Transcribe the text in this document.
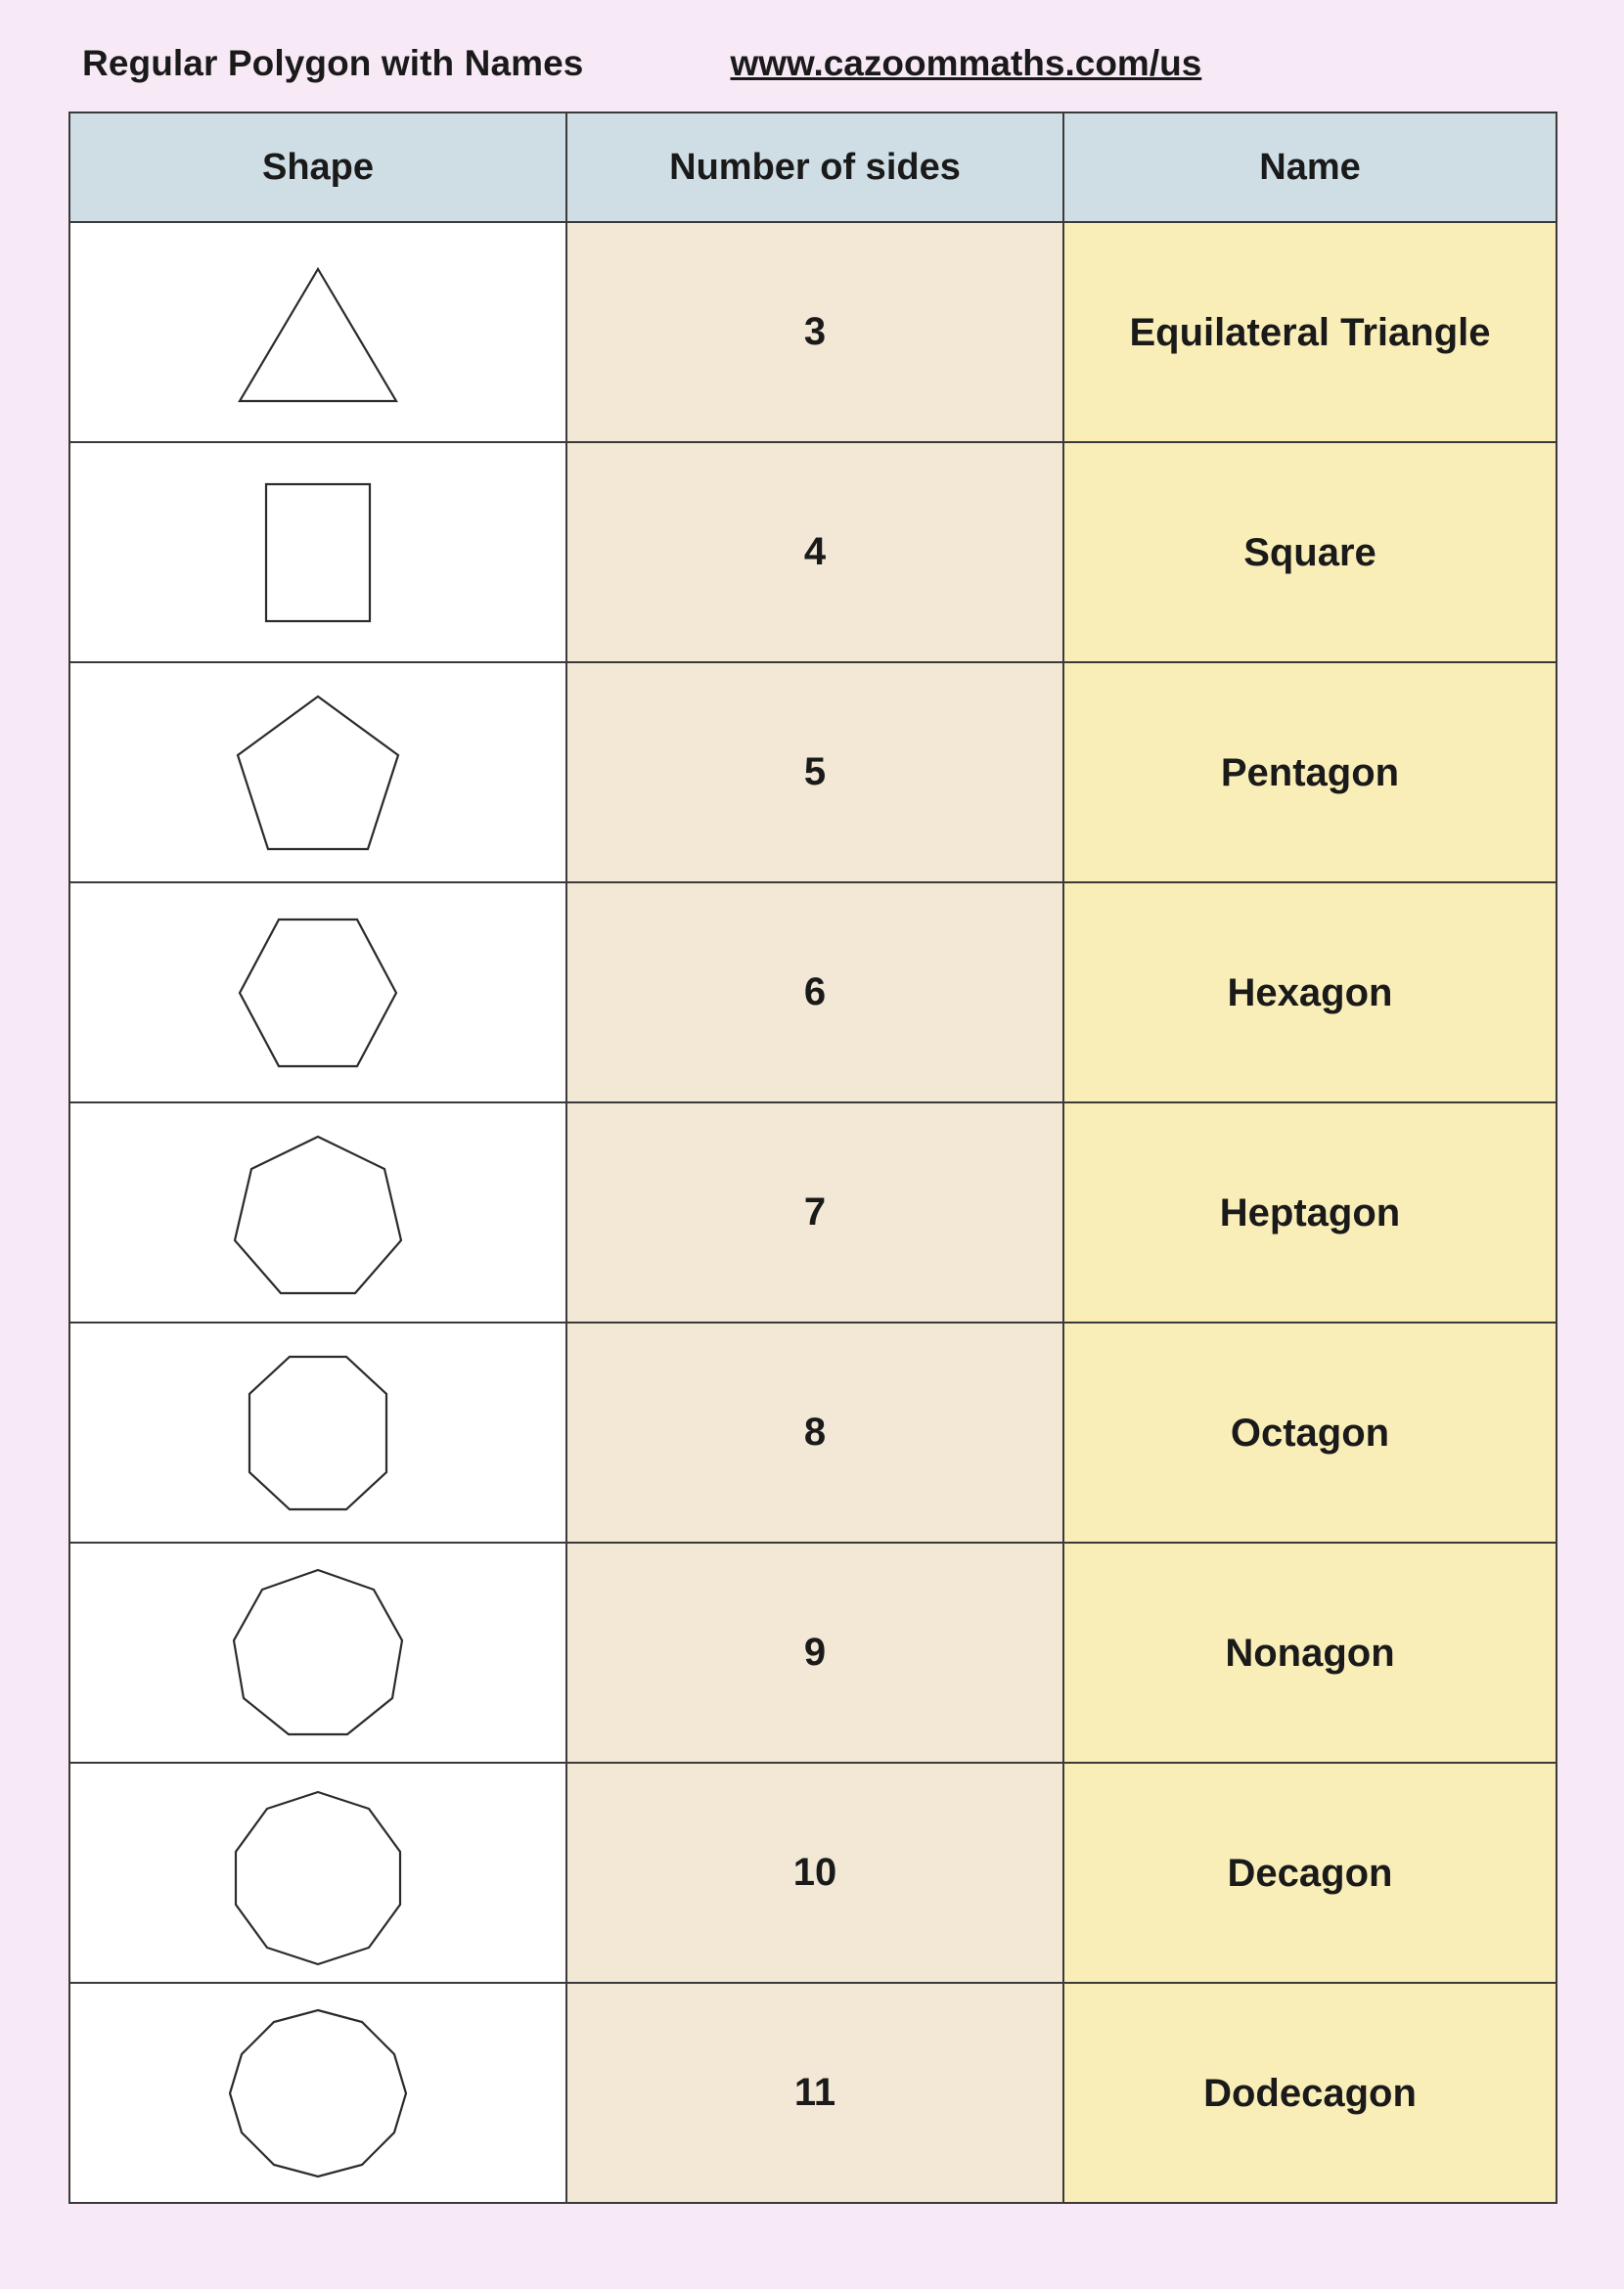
Regular Polygon with Names	www.cazoommaths.com/us
Shape	Number of sides	Name

	3	Equilateral Triangle

	4	Square

	5	Pentagon

	6	Hexagon

	7	Heptagon

	8	Octagon

	9	Nonagon

	10	Decagon

	11	Dodecagon
